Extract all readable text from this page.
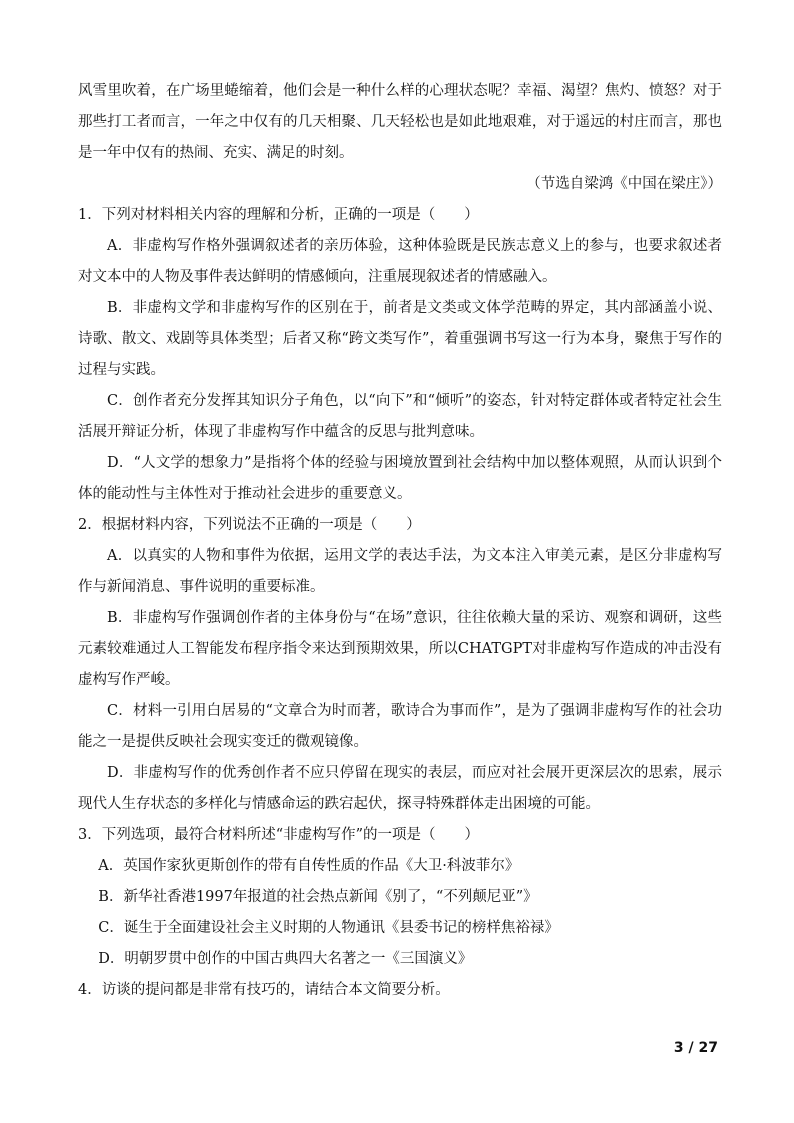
风雪里吹着，在广场里蜷缩着，他们会是一种什么样的心理状态呢？幸福、渴望？焦灼、愤怒？对于那些打工者而言，一年之中仅有的几天相聚、几天轻松也是如此地艰难，对于遥远的村庄而言，那也是一年中仅有的热闹、充实、满足的时刻。

（节选自梁鸿《中国在梁庄》）

1．下列对材料相关内容的理解和分析，正确的一项是（　　）

A．非虚构写作格外强调叙述者的亲历体验，这种体验既是民族志意义上的参与，也要求叙述者对文本中的人物及事件表达鲜明的情感倾向，注重展现叙述者的情感融入。

B．非虚构文学和非虚构写作的区别在于，前者是文类或文体学范畴的界定，其内部涵盖小说、诗歌、散文、戏剧等具体类型；后者又称“跨文类写作”，着重强调书写这一行为本身，聚焦于写作的过程与实践。

C．创作者充分发挥其知识分子角色，以“向下”和“倾听”的姿态，针对特定群体或者特定社会生活展开辩证分析，体现了非虚构写作中蕴含的反思与批判意味。

D．“人文学的想象力”是指将个体的经验与困境放置到社会结构中加以整体观照，从而认识到个体的能动性与主体性对于推动社会进步的重要意义。

2．根据材料内容，下列说法不正确的一项是（　　）

A．以真实的人物和事件为依据，运用文学的表达手法，为文本注入审美元素，是区分非虚构写作与新闻消息、事件说明的重要标准。

B．非虚构写作强调创作者的主体身份与“在场”意识，往往依赖大量的采访、观察和调研，这些元素较难通过人工智能发布程序指令来达到预期效果，所以CHATGPT对非虚构写作造成的冲击没有虚构写作严峻。

C．材料一引用白居易的“文章合为时而著，歌诗合为事而作”，是为了强调非虚构写作的社会功能之一是提供反映社会现实变迁的微观镜像。

D．非虚构写作的优秀创作者不应只停留在现实的表层，而应对社会展开更深层次的思索，展示现代人生存状态的多样化与情感命运的跌宕起伏，探寻特殊群体走出困境的可能。

3．下列选项，最符合材料所述“非虚构写作”的一项是（　　）

A．英国作家狄更斯创作的带有自传性质的作品《大卫·科波菲尔》

B．新华社香港1997年报道的社会热点新闻《别了，“不列颠尼亚”》

C．诞生于全面建设社会主义时期的人物通讯《县委书记的榜样焦裕禄》

D．明朝罗贯中创作的中国古典四大名著之一《三国演义》

4．访谈的提问都是非常有技巧的，请结合本文简要分析。

3 / 27
